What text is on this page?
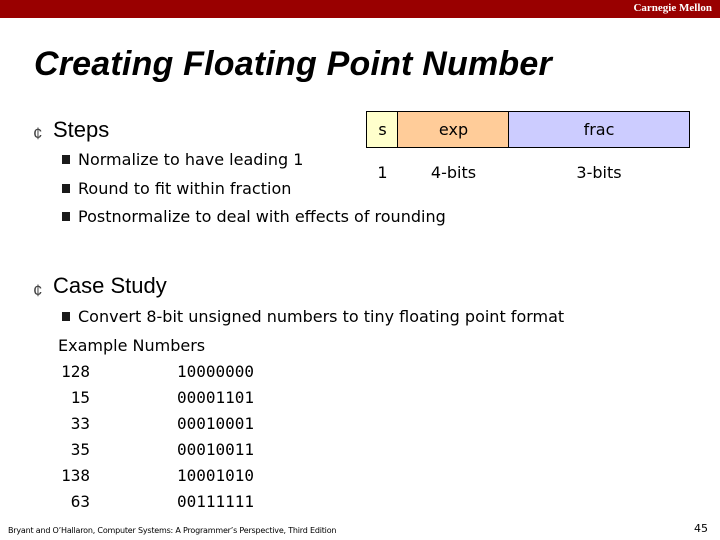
Carnegie Mellon
Creating Floating Point Number
¢ Steps
Normalize to have leading 1
Round to fit within fraction
Postnormalize to deal with effects of rounding
s	exp	frac
1	4-bits	3-bits
¢ Case Study
Convert 8-bit unsigned numbers to tiny floating point format
Example Numbers
128	10000000
15	00001101
33	00010001
35	00010011
138	10001010
63	00111111
Bryant and O’Hallaron, Computer Systems: A Programmer’s Perspective, Third Edition	45
